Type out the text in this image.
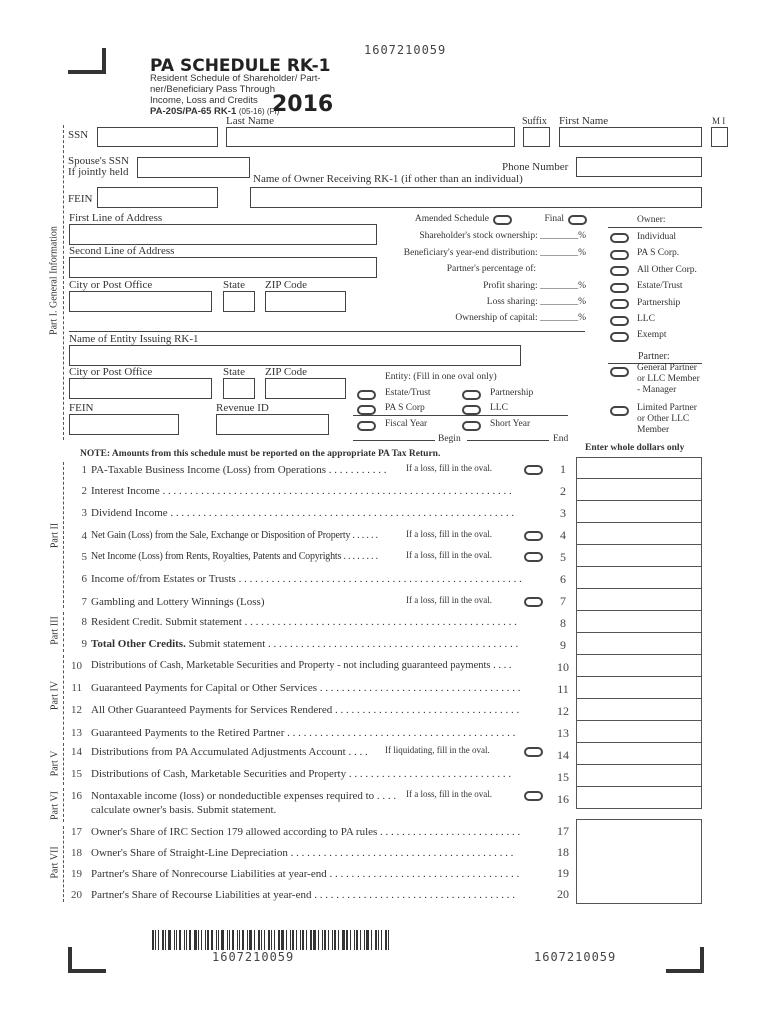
1607210059
PA SCHEDULE RK-1
Resident Schedule of Shareholder/ Part-
ner/Beneficiary Pass Through
Income, Loss and Credits
PA-20S/PA-65 RK-1 (05-16) (FI)
2016
Part I. General Information
Part II
Part III
Part IV
Part V
Part VI
Part VII
SSN
Last Name	Suffix First Name	M I
Spouse's SSN
If jointly held	Phone Number
Name of Owner Receiving RK-1 (if other than an individual)
FEIN
First Line of Address
Second Line of Address
City or Post Office	State ZIP Code
Amended Schedule	Final
Shareholder's stock ownership: ________%
Beneficiary's year-end distribution: ________%
Partner's percentage of:
Profit sharing: ________%
Loss sharing: ________%
Ownership of capital: ________%
Owner:
Individual
PA S Corp.
All Other Corp.
Estate/Trust
Partnership
LLC
Exempt
Partner:
General Partner
or LLC Member
- Manager
Limited Partner
or Other LLC
Member
Name of Entity Issuing RK-1
City or Post Office	State ZIP Code
FEIN	Revenue ID
Entity: (Fill in one oval only)
Estate/Trust	Partnership
PA S Corp	LLC
Fiscal Year	Short Year
Begin	End
NOTE: Amounts from this schedule must be reported on the appropriate PA Tax Return.
Enter whole dollars only
1 PA-Taxable Business Income (Loss) from Operations . . . . . . . . . . . If a loss, fill in the oval.	1
2 Interest Income . . . . . . . . . . . . . . . . . . . . . . . . . . . . . . . . . . . . . . . . . . . . . . . . . . . . . . . . . . . . . . . .	2
3 Dividend Income . . . . . . . . . . . . . . . . . . . . . . . . . . . . . . . . . . . . . . . . . . . . . . . . . . . . . . . . . . . . . . .	3
4 Net Gain (Loss) from the Sale, Exchange or Disposition of Property . . . . . .	If a loss, fill in the oval.	4
5 Net Income (Loss) from Rents, Royalties, Patents and Copyrights . . . . . . . .	If a loss, fill in the oval.	5
6 Income of/from Estates or Trusts . . . . . . . . . . . . . . . . . . . . . . . . . . . . . . . . . . . . . . . . . . . . . . . . . . . .	6
7 Gambling and Lottery Winnings (Loss)	If a loss, fill in the oval.	7
8 Resident Credit. Submit statement . . . . . . . . . . . . . . . . . . . . . . . . . . . . . . . . . . . . . . . . . . . . . . . . . .	8
9 Total Other Credits. Submit statement . . . . . . . . . . . . . . . . . . . . . . . . . . . . . . . . . . . . . . . . . . . . . .	9
10 Distributions of Cash, Marketable Securities and Property - not including guaranteed payments . . . .	10
11 Guaranteed Payments for Capital or Other Services . . . . . . . . . . . . . . . . . . . . . . . . . . . . . . . . . . . . .	11
12 All Other Guaranteed Payments for Services Rendered . . . . . . . . . . . . . . . . . . . . . . . . . . . . . . . . . .	12
13 Guaranteed Payments to the Retired Partner . . . . . . . . . . . . . . . . . . . . . . . . . . . . . . . . . . . . . . . . . .	13
14 Distributions from PA Accumulated Adjustments Account . . . . If liquidating, fill in the oval.	14
15 Distributions of Cash, Marketable Securities and Property . . . . . . . . . . . . . . . . . . . . . . . . . . . . . .	15
16 Nontaxable income (loss) or nondeductible expenses required to . . . .
calculate owner's basis. Submit statement.
If a loss, fill in the oval.	16
17 Owner's Share of IRC Section 179 allowed according to PA rules . . . . . . . . . . . . . . . . . . . . . . . . . .	17
18 Owner's Share of Straight-Line Depreciation . . . . . . . . . . . . . . . . . . . . . . . . . . . . . . . . . . . . . . . . .	18
19 Partner's Share of Nonrecourse Liabilities at year-end . . . . . . . . . . . . . . . . . . . . . . . . . . . . . . . . . . .	19
20 Partner's Share of Recourse Liabilities at year-end . . . . . . . . . . . . . . . . . . . . . . . . . . . . . . . . . . . . .	20
1607210059	1607210059
